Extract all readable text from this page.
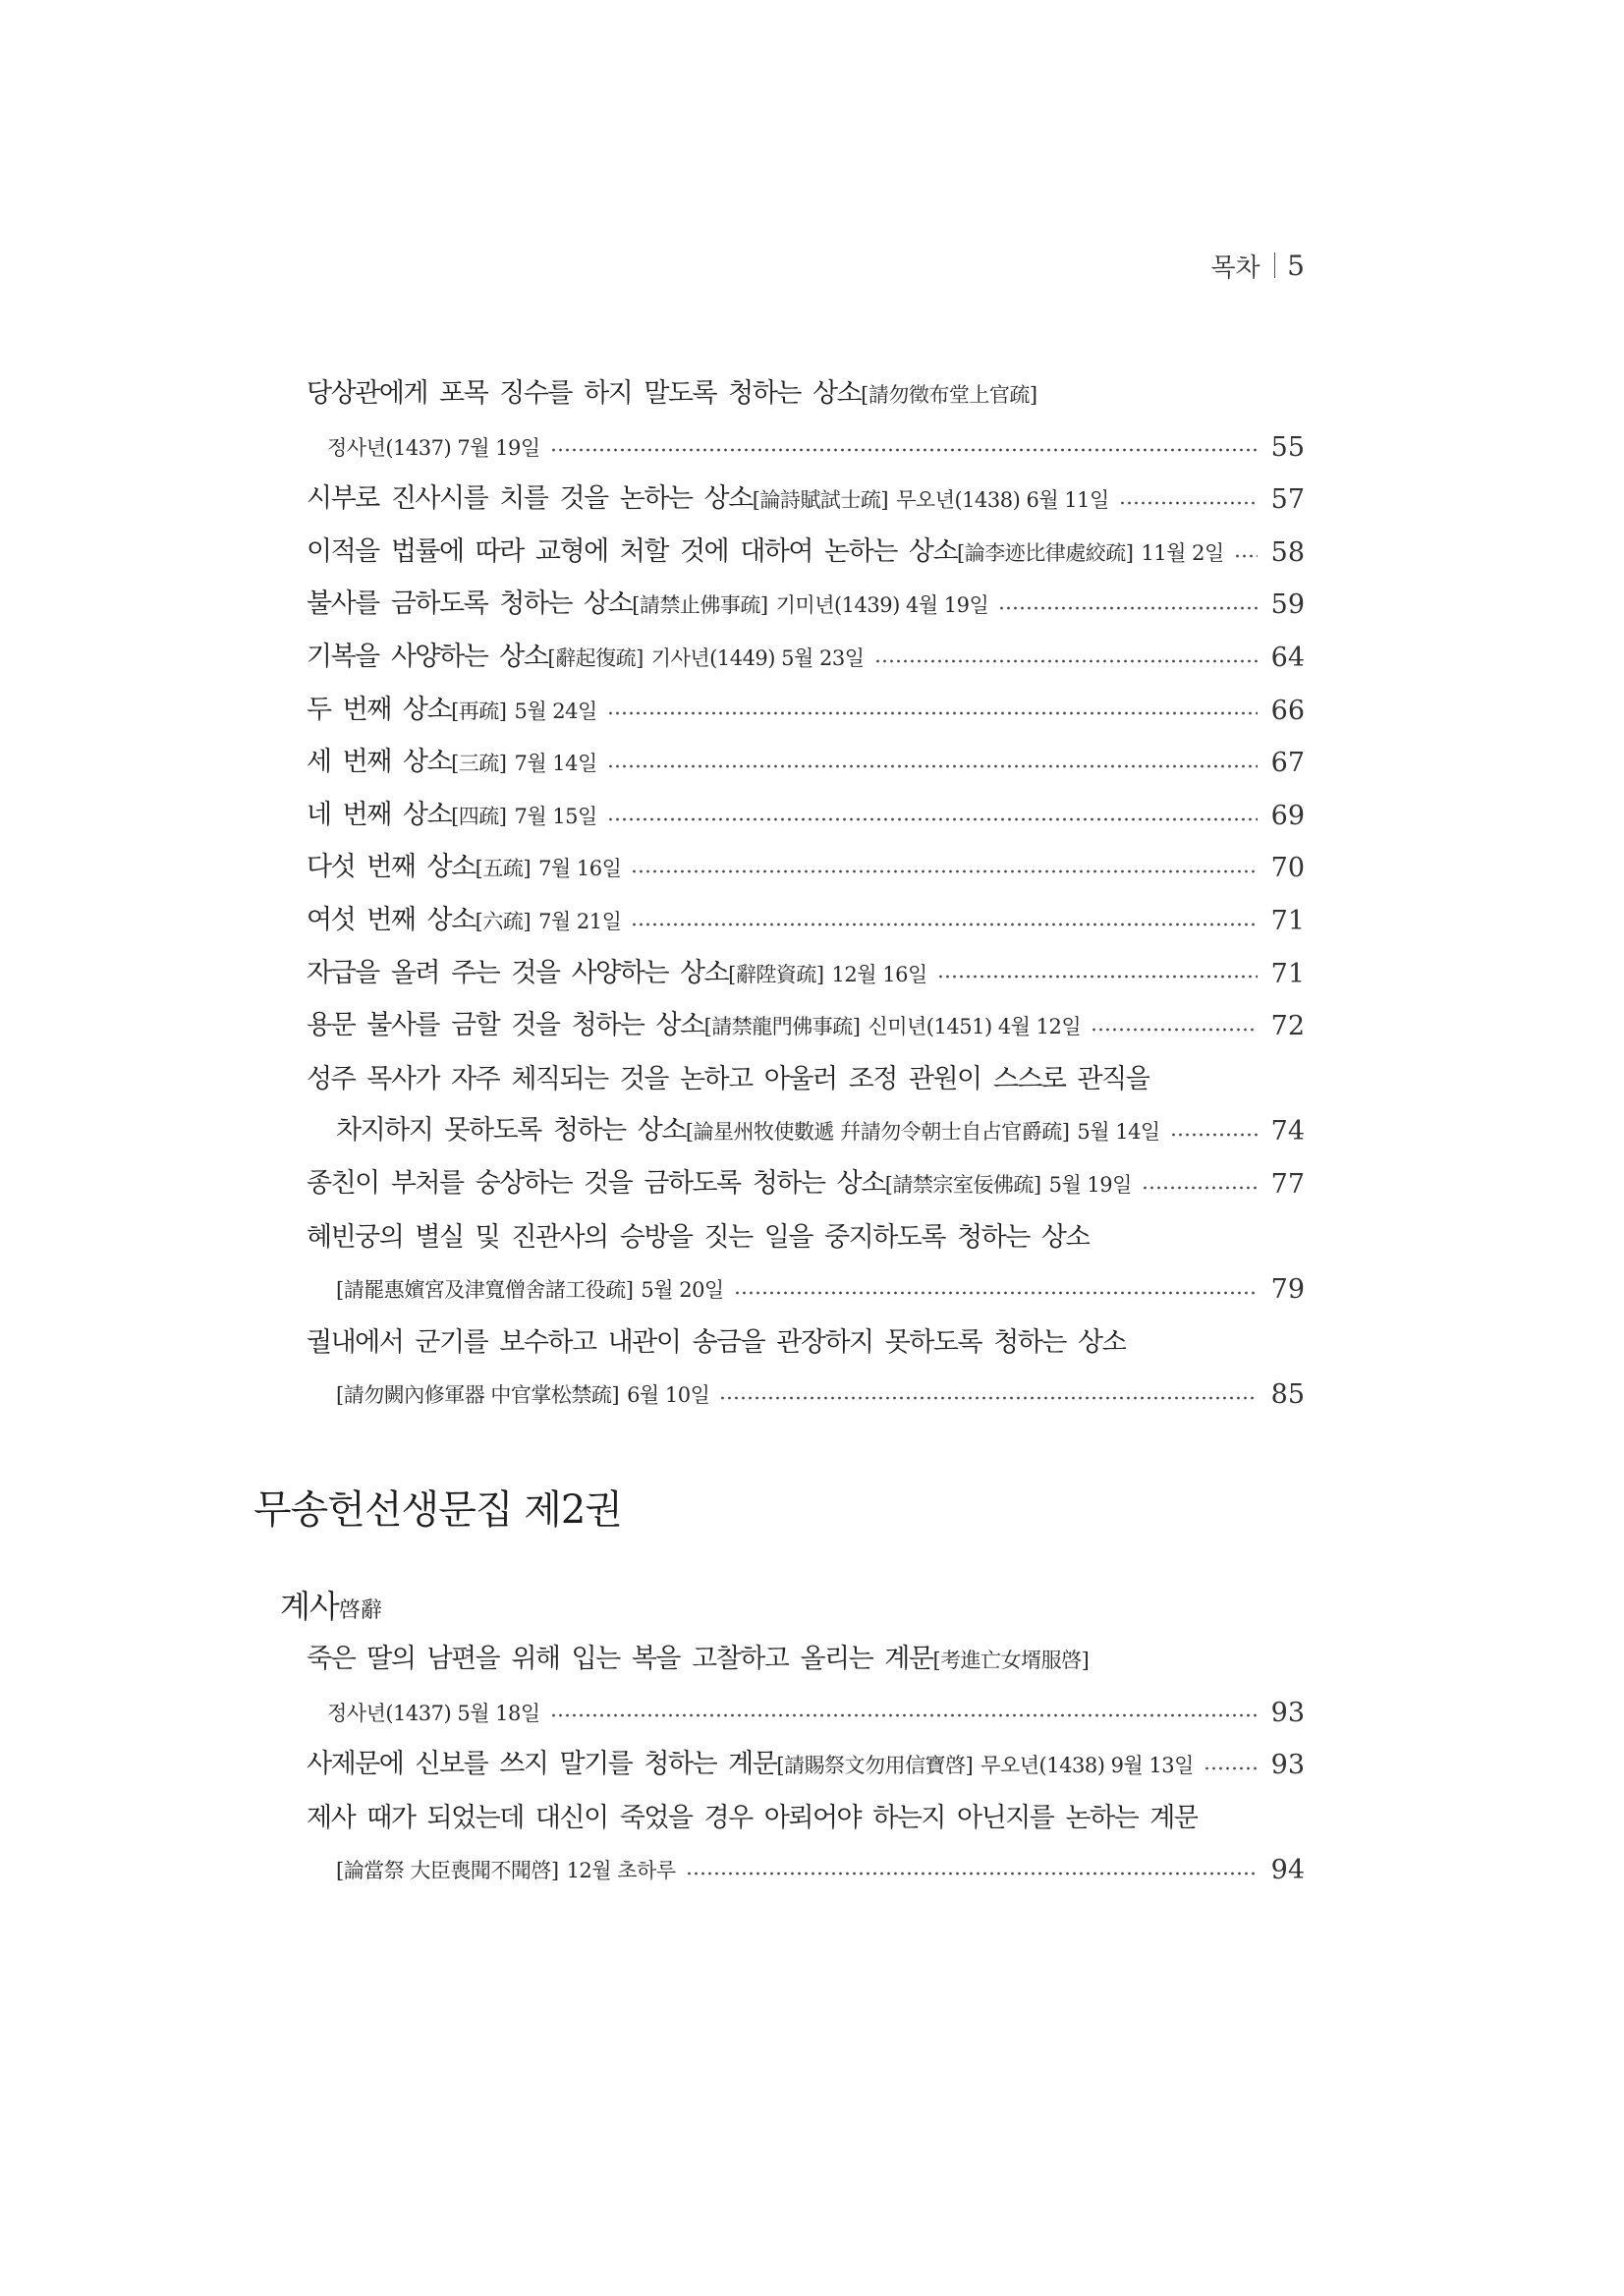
목차 5
당상관에게 포목 징수를 하지 말도록 청하는 상소[請勿徵布堂上官疏]
정사년(1437) 7월 19일	55
시부로 진사시를 치를 것을 논하는 상소[論詩賦試士疏] 무오년(1438) 6월 11일	57
이적을 법률에 따라 교형에 처할 것에 대하여 논하는 상소[論李迹比律處絞疏] 11월 2일 58
불사를 금하도록 청하는 상소[請禁止佛事疏] 기미년(1439) 4월 19일	59
기복을 사양하는 상소[辭起復疏] 기사년(1449) 5월 23일	64
두 번째 상소[再疏] 5월 24일	66
세 번째 상소[三疏] 7월 14일	67
네 번째 상소[四疏] 7월 15일	69
다섯 번째 상소[五疏] 7월 16일	70
여섯 번째 상소[六疏] 7월 21일	71
자급을 올려 주는 것을 사양하는 상소[辭陞資疏] 12월 16일	71
용문 불사를 금할 것을 청하는 상소[請禁龍門佛事疏] 신미년(1451) 4월 12일	72
성주 목사가 자주 체직되는 것을 논하고 아울러 조정 관원이 스스로 관직을
차지하지 못하도록 청하는 상소[論星州牧使數遞 幷請勿令朝士自占官爵疏] 5월 14일	74
종친이 부처를 숭상하는 것을 금하도록 청하는 상소[請禁宗室佞佛疏] 5월 19일	77
혜빈궁의 별실 및 진관사의 승방을 짓는 일을 중지하도록 청하는 상소
[請罷惠嬪宮及津寬僧舍諸工役疏] 5월 20일	79
궐내에서 군기를 보수하고 내관이 송금을 관장하지 못하도록 청하는 상소
[請勿闕內修軍器 中官掌松禁疏] 6월 10일	85
무송헌선생문집 제2권
계사啓辭
죽은 딸의 남편을 위해 입는 복을 고찰하고 올리는 계문[考進亡女壻服啓]
정사년(1437) 5월 18일	93
사제문에 신보를 쓰지 말기를 청하는 계문[請賜祭文勿用信寶啓] 무오년(1438) 9월 13일	93
제사 때가 되었는데 대신이 죽었을 경우 아뢰어야 하는지 아닌지를 논하는 계문
[論當祭 大臣喪聞不聞啓] 12월 초하루	94
